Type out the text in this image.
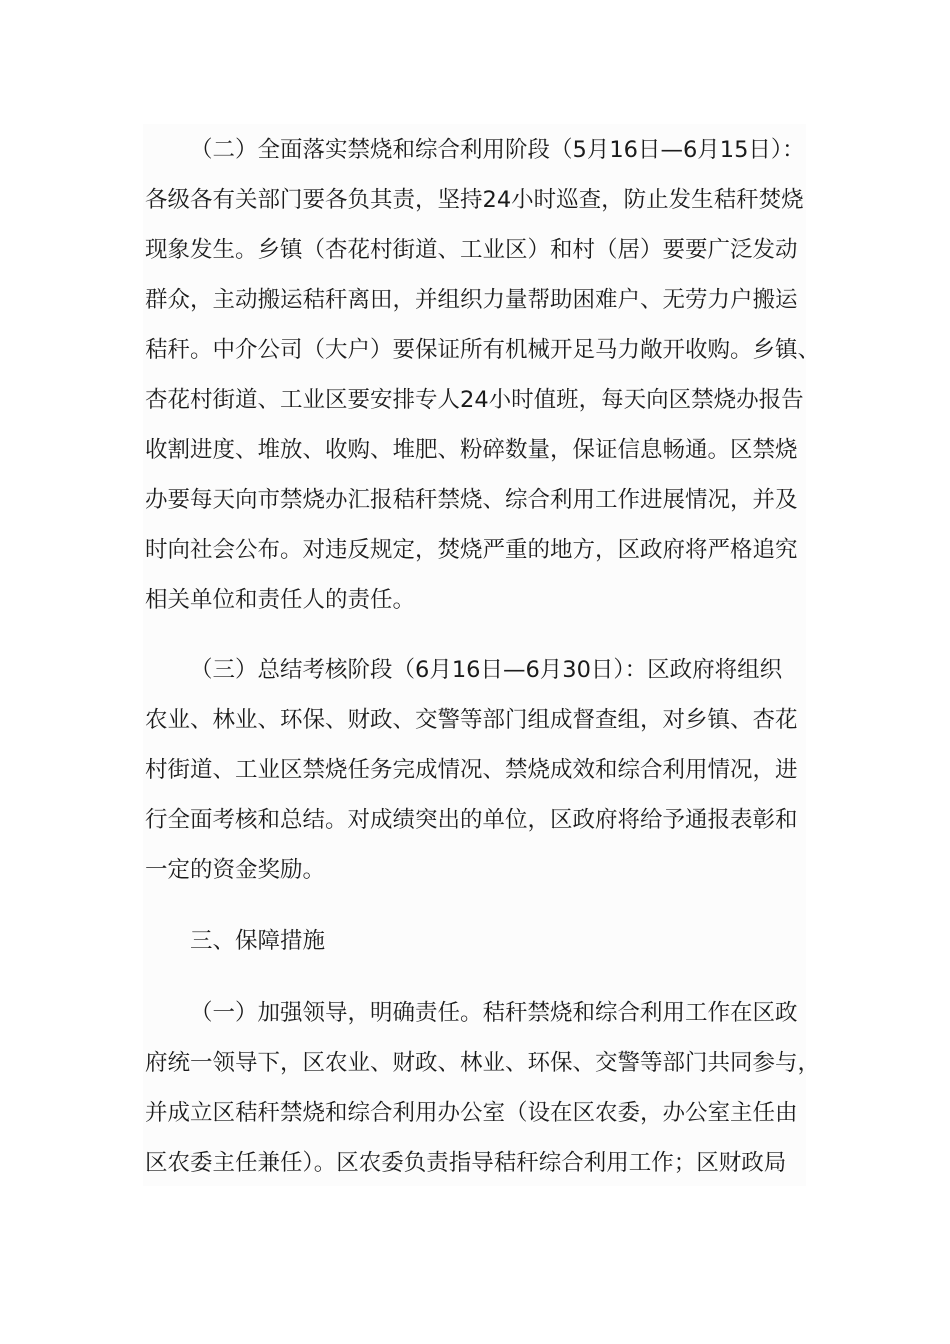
（二）全面落实禁烧和综合利用阶段（5月16日—6月15日）：
各级各有关部门要各负其责，坚持24小时巡查，防止发生秸秆焚烧
现象发生。乡镇（杏花村街道、工业区）和村（居）要要广泛发动
群众，主动搬运秸秆离田，并组织力量帮助困难户、无劳力户搬运
秸秆。中介公司（大户）要保证所有机械开足马力敞开收购。乡镇、
杏花村街道、工业区要安排专人24小时值班，每天向区禁烧办报告
收割进度、堆放、收购、堆肥、粉碎数量，保证信息畅通。区禁烧
办要每天向市禁烧办汇报秸秆禁烧、综合利用工作进展情况，并及
时向社会公布。对违反规定，焚烧严重的地方，区政府将严格追究
相关单位和责任人的责任。
（三）总结考核阶段（6月16日—6月30日）：区政府将组织
农业、林业、环保、财政、交警等部门组成督查组，对乡镇、杏花
村街道、工业区禁烧任务完成情况、禁烧成效和综合利用情况，进
行全面考核和总结。对成绩突出的单位，区政府将给予通报表彰和
一定的资金奖励。
三、保障措施
（一）加强领导，明确责任。秸秆禁烧和综合利用工作在区政
府统一领导下，区农业、财政、林业、环保、交警等部门共同参与，
并成立区秸秆禁烧和综合利用办公室（设在区农委，办公室主任由
区农委主任兼任）。区农委负责指导秸秆综合利用工作；区财政局
